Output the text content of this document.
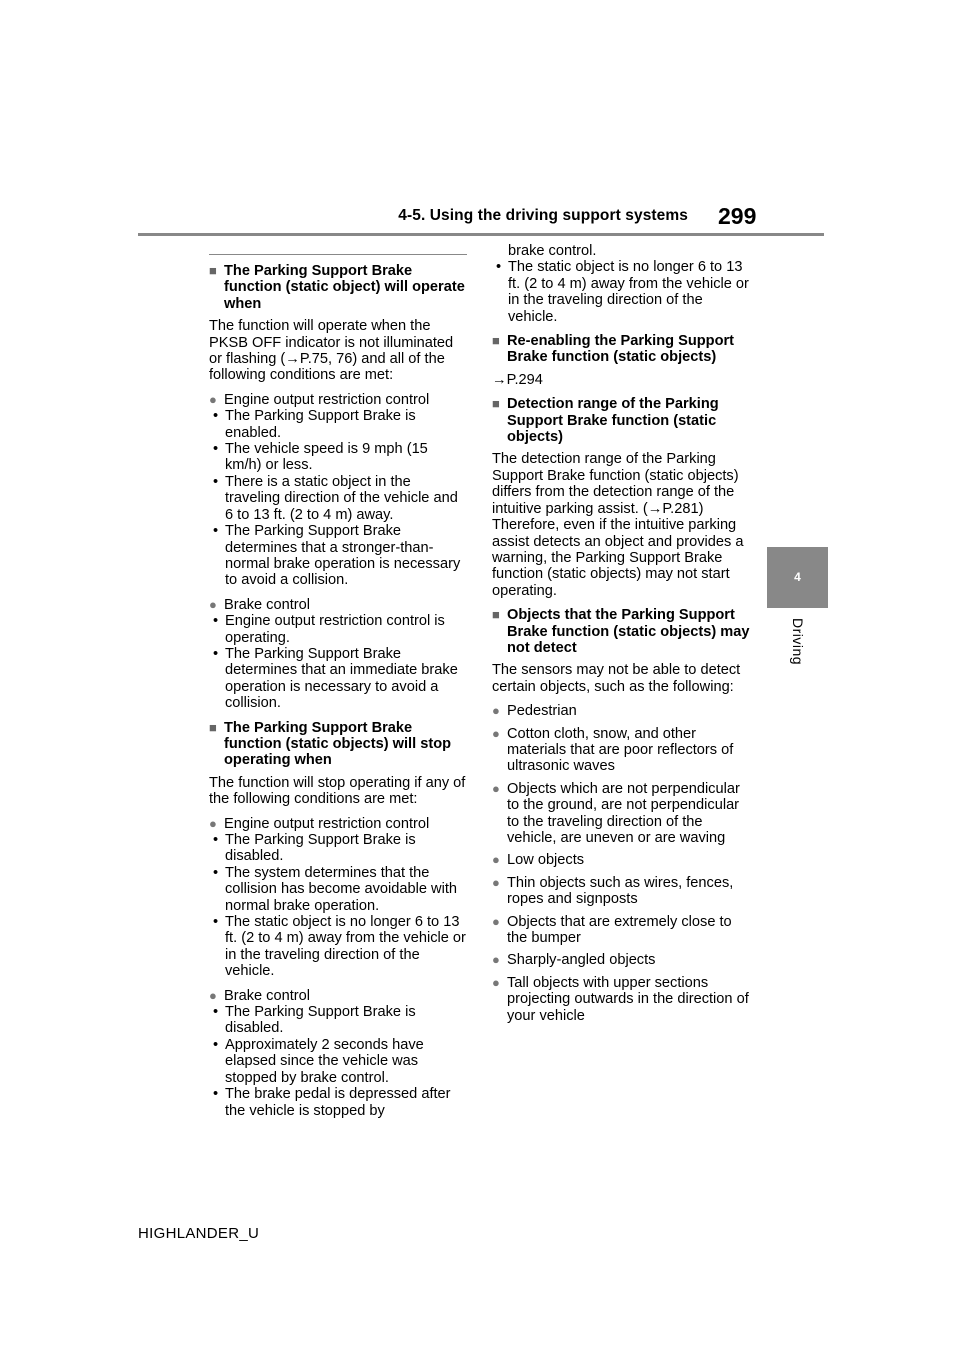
4-5. Using the driving support systems 299
4
Driving
HIGHLANDER_U
■ The Parking Support Brake function (static object) will operate when
The function will operate when the PKSB OFF indicator is not illuminated or flashing (→P.75, 76) and all of the following conditions are met:
● Engine output restriction control
• The Parking Support Brake is enabled.
• The vehicle speed is 9 mph (15 km/h) or less.
• There is a static object in the traveling direction of the vehicle and 6 to 13 ft. (2 to 4 m) away.
• The Parking Support Brake determines that a stronger-than-normal brake operation is necessary to avoid a collision.
● Brake control
• Engine output restriction control is operating.
• The Parking Support Brake determines that an immediate brake operation is necessary to avoid a collision.
■ The Parking Support Brake function (static objects) will stop operating when
The function will stop operating if any of the following conditions are met:
● Engine output restriction control
• The Parking Support Brake is disabled.
• The system determines that the collision has become avoidable with normal brake operation.
• The static object is no longer 6 to 13 ft. (2 to 4 m) away from the vehicle or in the traveling direction of the vehicle.
● Brake control
• The Parking Support Brake is disabled.
• Approximately 2 seconds have elapsed since the vehicle was stopped by brake control.
• The brake pedal is depressed after the vehicle is stopped by
brake control.
• The static object is no longer 6 to 13 ft. (2 to 4 m) away from the vehicle or in the traveling direction of the vehicle.
■ Re-enabling the Parking Support Brake function (static objects)
→P.294
■ Detection range of the Parking Support Brake function (static objects)
The detection range of the Parking Support Brake function (static objects) differs from the detection range of the intuitive parking assist. (→P.281) Therefore, even if the intuitive parking assist detects an object and provides a warning, the Parking Support Brake function (static objects) may not start operating.
■ Objects that the Parking Support Brake function (static objects) may not detect
The sensors may not be able to detect certain objects, such as the following:
● Pedestrian
● Cotton cloth, snow, and other materials that are poor reflectors of ultrasonic waves
● Objects which are not perpendicular to the ground, are not perpendicular to the traveling direction of the vehicle, are uneven or are waving
● Low objects
● Thin objects such as wires, fences, ropes and signposts
● Objects that are extremely close to the bumper
● Sharply-angled objects
● Tall objects with upper sections projecting outwards in the direction of your vehicle
